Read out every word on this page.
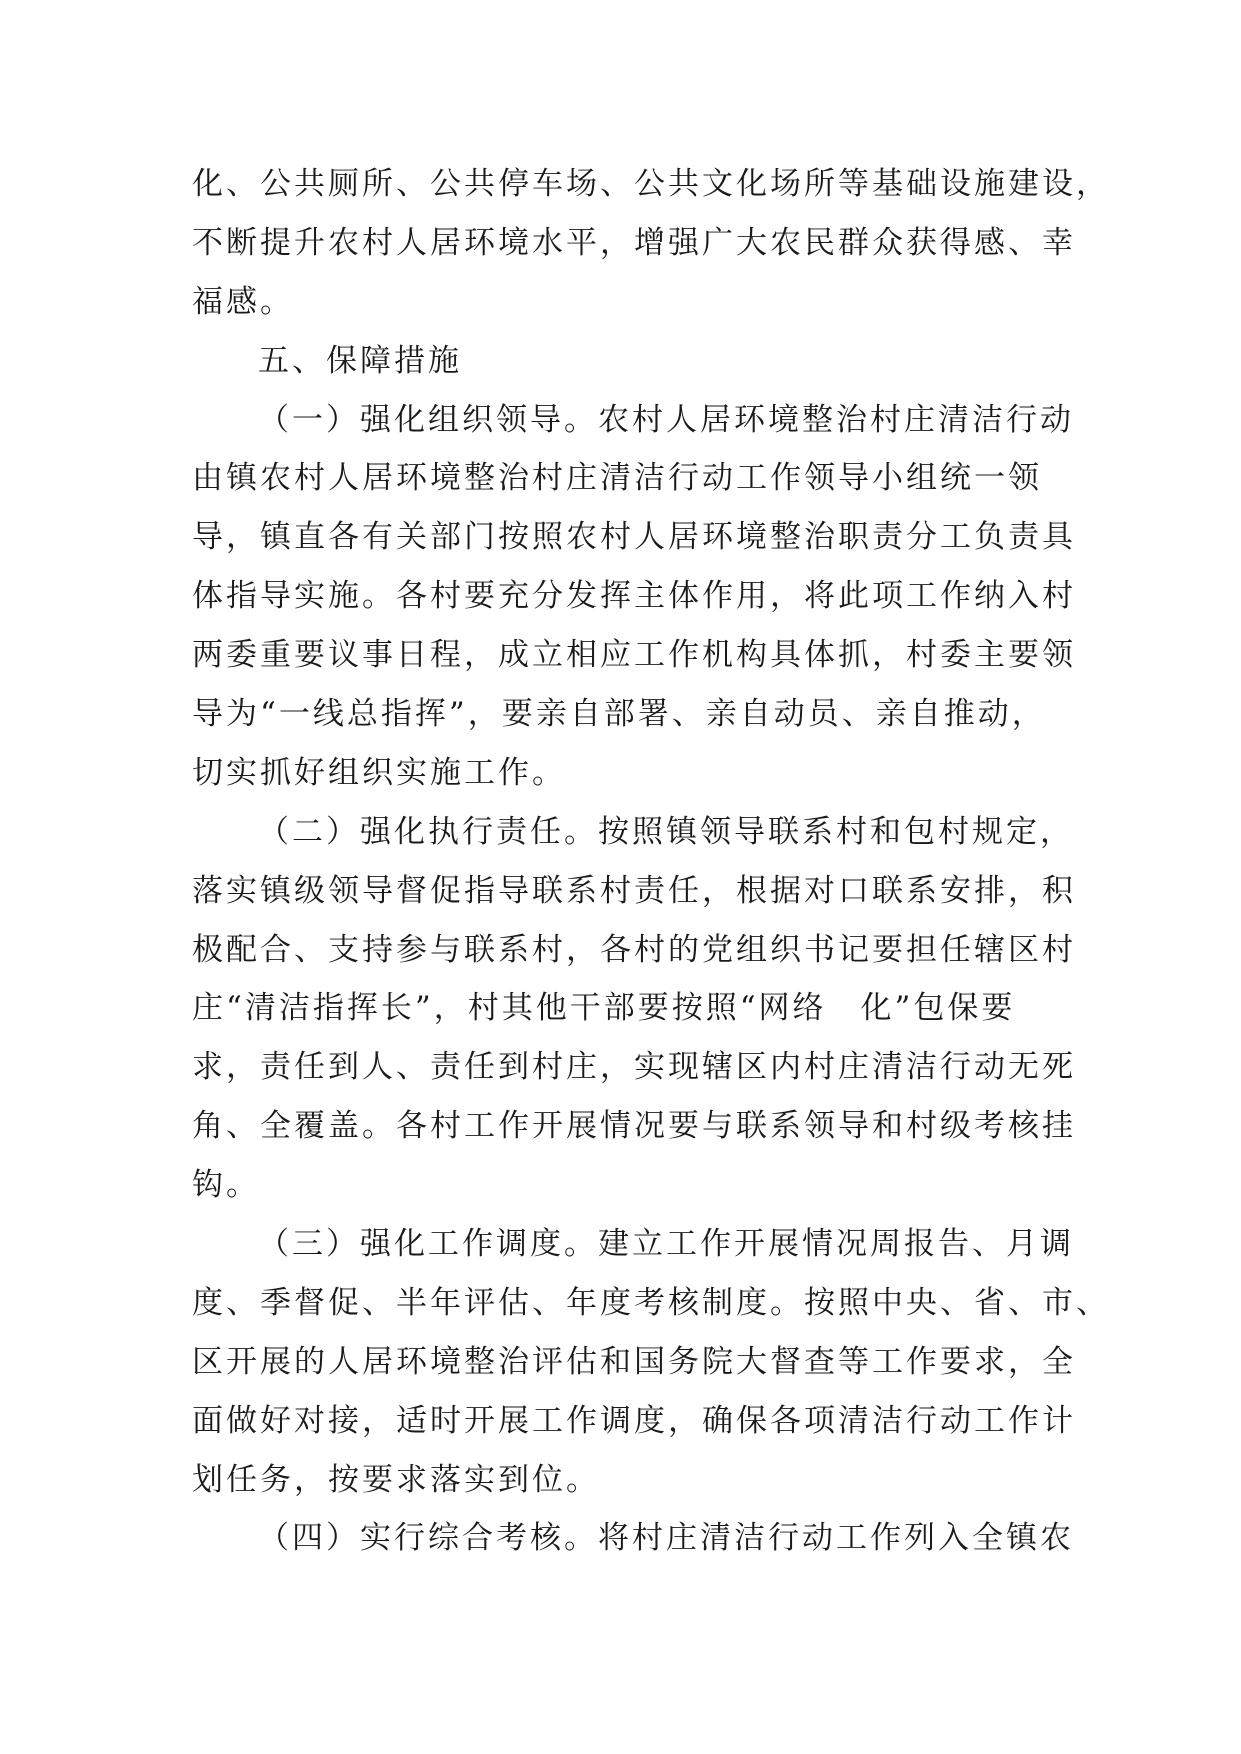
化、公共厕所、公共停车场、公共文化场所等基础设施建设，
不断提升农村人居环境水平，增强广大农民群众获得感、幸
福感。
五、保障措施
（一）强化组织领导。农村人居环境整治村庄清洁行动
由镇农村人居环境整治村庄清洁行动工作领导小组统一领
导，镇直各有关部门按照农村人居环境整治职责分工负责具
体指导实施。各村要充分发挥主体作用，将此项工作纳入村
两委重要议事日程，成立相应工作机构具体抓，村委主要领
导为“一线总指挥”，要亲自部署、亲自动员、亲自推动，
切实抓好组织实施工作。
（二）强化执行责任。按照镇领导联系村和包村规定，
落实镇级领导督促指导联系村责任，根据对口联系安排，积
极配合、支持参与联系村，各村的党组织书记要担任辖区村
庄“清洁指挥长”，村其他干部要按照“网络　化”包保要
求，责任到人、责任到村庄，实现辖区内村庄清洁行动无死
角、全覆盖。各村工作开展情况要与联系领导和村级考核挂
钩。
（三）强化工作调度。建立工作开展情况周报告、月调
度、季督促、半年评估、年度考核制度。按照中央、省、市、
区开展的人居环境整治评估和国务院大督查等工作要求，全
面做好对接，适时开展工作调度，确保各项清洁行动工作计
划任务，按要求落实到位。
（四）实行综合考核。将村庄清洁行动工作列入全镇农
